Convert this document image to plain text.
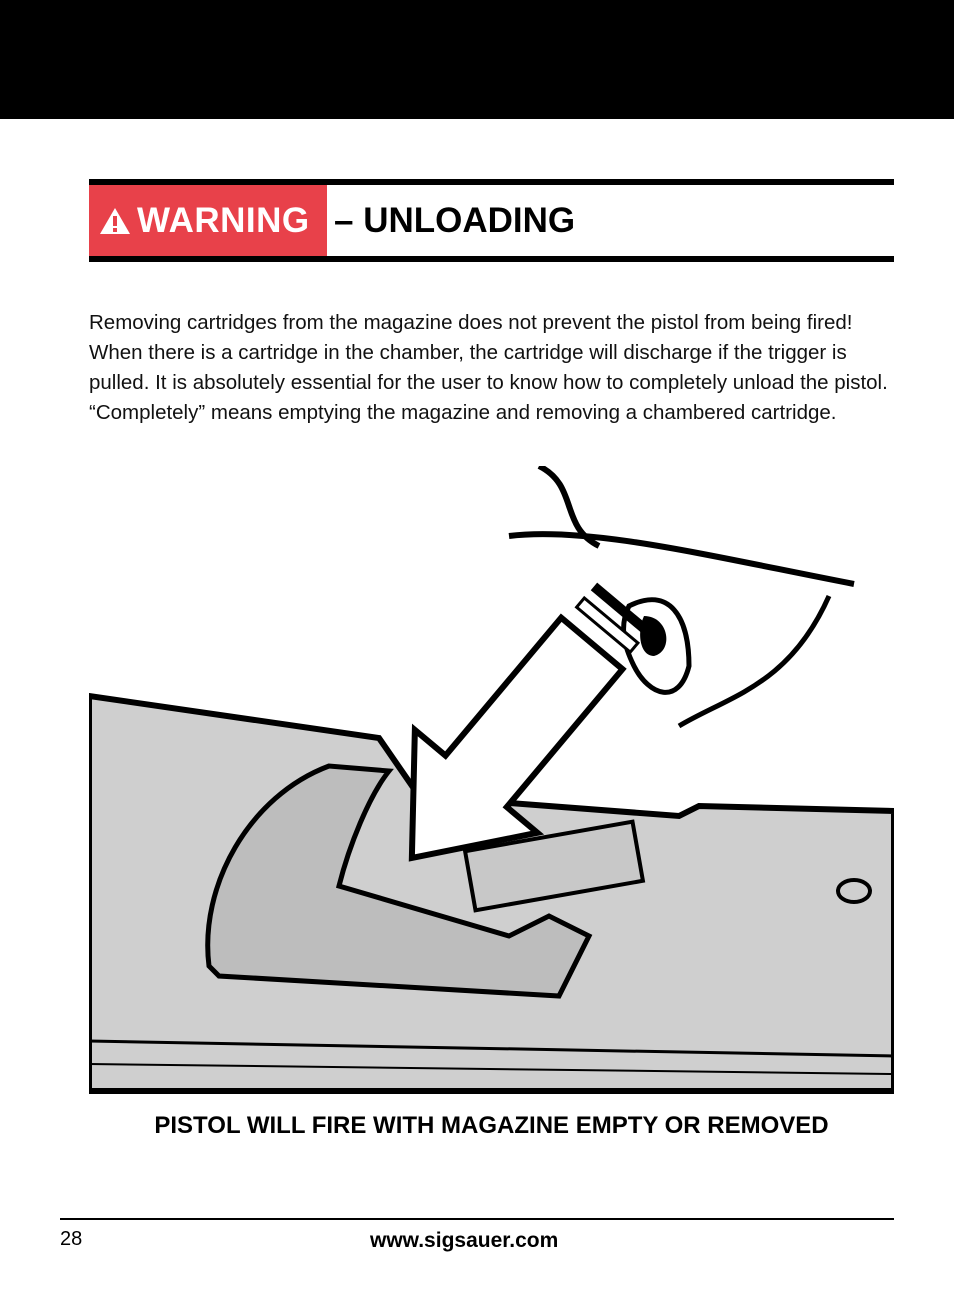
WARNING – UNLOADING
Removing cartridges from the magazine does not prevent the pistol from being fired! When there is a cartridge in the chamber, the cartridge will discharge if the trigger is pulled. It is absolutely essential for the user to know how to completely unload the pistol. “Completely” means emptying the magazine and removing a chambered cartridge.
PISTOL WILL FIRE WITH MAGAZINE EMPTY OR REMOVED
28	www.sigsauer.com
